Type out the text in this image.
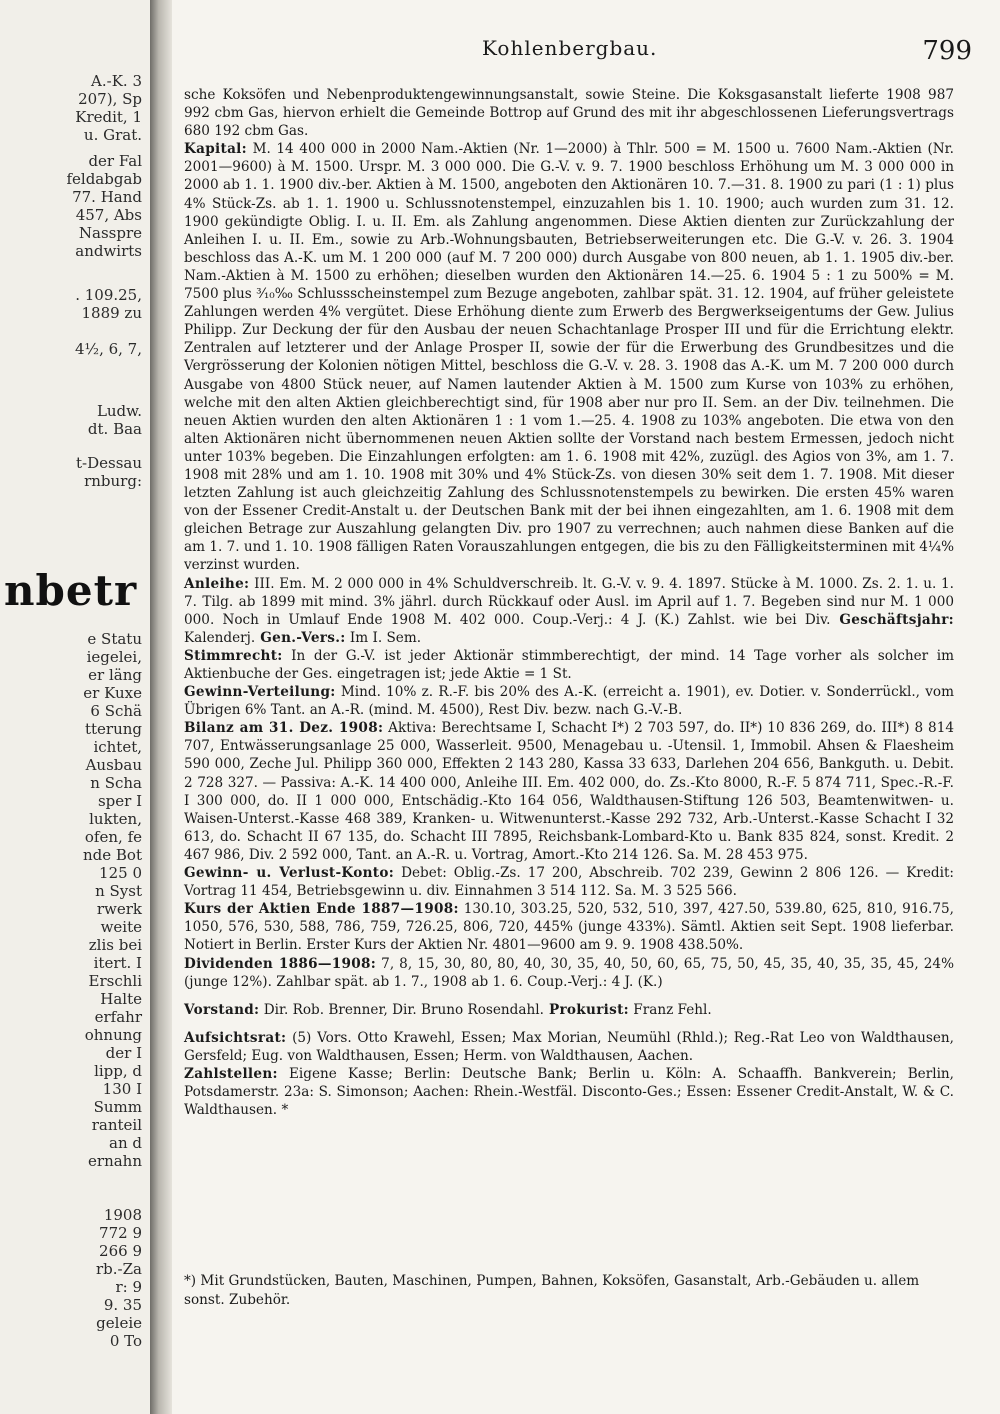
nbetr
A.-K. 3
207), Sp
Kredit, 1
u. Grat.
der Fal
feldabgab
77. Hand
457, Abs
Nasspre
andwirts
. 109.25,
1889 zu
4½, 6, 7,
Ludw.
dt. Baa
t-Dessau
rnburg:
e Statu
iegelei,
er läng
er Kuxe
6 Schä
tterung
ichtet,
Ausbau
n Scha
sper I
lukten,
ofen, fe
nde Bot
125 0
n Syst
rwerk
weite
zlis bei
itert. I
Erschli
Halte
erfahr
ohnung
der I
lipp, d
130 I
Summ
ranteil
an d
ernahn
1908
772 9
266 9
rb.-Za
r: 9
9. 35
geleie
0 To
Kohlenbergbau.	799

sche Koksöfen und Nebenproduktengewinnungsanstalt, sowie Steine. Die Koksgasanstalt lieferte 1908 987 992 cbm Gas, hiervon erhielt die Gemeinde Bottrop auf Grund des mit ihr abgeschlossenen Lieferungsvertrags 680 192 cbm Gas.

Kapital: M. 14 400 000 in 2000 Nam.-Aktien (Nr. 1—2000) à Thlr. 500 = M. 1500 u. 7600 Nam.-Aktien (Nr. 2001—9600) à M. 1500. Urspr. M. 3 000 000. Die G.-V. v. 9. 7. 1900 beschloss Erhöhung um M. 3 000 000 in 2000 ab 1. 1. 1900 div.-ber. Aktien à M. 1500, angeboten den Aktionären 10. 7.—31. 8. 1900 zu pari (1 : 1) plus 4% Stück-Zs. ab 1. 1. 1900 u. Schlussnotenstempel, einzuzahlen bis 1. 10. 1900; auch wurden zum 31. 12. 1900 gekündigte Oblig. I. u. II. Em. als Zahlung angenommen. Diese Aktien dienten zur Zurückzahlung der Anleihen I. u. II. Em., sowie zu Arb.-Wohnungsbauten, Betriebserweiterungen etc. Die G.-V. v. 26. 3. 1904 beschloss das A.-K. um M. 1 200 000 (auf M. 7 200 000) durch Ausgabe von 800 neuen, ab 1. 1. 1905 div.-ber. Nam.-Aktien à M. 1500 zu erhöhen; dieselben wurden den Aktionären 14.—25. 6. 1904 5 : 1 zu 500% = M. 7500 plus ³⁄₁₀‰ Schlussscheinstempel zum Bezuge angeboten, zahlbar spät. 31. 12. 1904, auf früher geleistete Zahlungen werden 4% vergütet. Diese Erhöhung diente zum Erwerb des Bergwerkseigentums der Gew. Julius Philipp. Zur Deckung der für den Ausbau der neuen Schachtanlage Prosper III und für die Errichtung elektr. Zentralen auf letzterer und der Anlage Prosper II, sowie der für die Erwerbung des Grundbesitzes und die Vergrösserung der Kolonien nötigen Mittel, beschloss die G.-V. v. 28. 3. 1908 das A.-K. um M. 7 200 000 durch Ausgabe von 4800 Stück neuer, auf Namen lautender Aktien à M. 1500 zum Kurse von 103% zu erhöhen, welche mit den alten Aktien gleichberechtigt sind, für 1908 aber nur pro II. Sem. an der Div. teilnehmen. Die neuen Aktien wurden den alten Aktionären 1 : 1 vom 1.—25. 4. 1908 zu 103% angeboten. Die etwa von den alten Aktionären nicht übernommenen neuen Aktien sollte der Vorstand nach bestem Ermessen, jedoch nicht unter 103% begeben. Die Einzahlungen erfolgten: am 1. 6. 1908 mit 42%, zuzügl. des Agios von 3%, am 1. 7. 1908 mit 28% und am 1. 10. 1908 mit 30% und 4% Stück-Zs. von diesen 30% seit dem 1. 7. 1908. Mit dieser letzten Zahlung ist auch gleichzeitig Zahlung des Schlussnotenstempels zu bewirken. Die ersten 45% waren von der Essener Credit-Anstalt u. der Deutschen Bank mit der bei ihnen eingezahlten, am 1. 6. 1908 mit dem gleichen Betrage zur Auszahlung gelangten Div. pro 1907 zu verrechnen; auch nahmen diese Banken auf die am 1. 7. und 1. 10. 1908 fälligen Raten Vorauszahlungen entgegen, die bis zu den Fälligkeitsterminen mit 4¼% verzinst wurden.

Anleihe: III. Em. M. 2 000 000 in 4% Schuldverschreib. lt. G.-V. v. 9. 4. 1897. Stücke à M. 1000. Zs. 2. 1. u. 1. 7. Tilg. ab 1899 mit mind. 3% jährl. durch Rückkauf oder Ausl. im April auf 1. 7. Begeben sind nur M. 1 000 000. Noch in Umlauf Ende 1908 M. 402 000. Coup.-Verj.: 4 J. (K.) Zahlst. wie bei Div. Geschäftsjahr: Kalenderj. Gen.-Vers.: Im I. Sem.

Stimmrecht: In der G.-V. ist jeder Aktionär stimmberechtigt, der mind. 14 Tage vorher als solcher im Aktienbuche der Ges. eingetragen ist; jede Aktie = 1 St.

Gewinn-Verteilung: Mind. 10% z. R.-F. bis 20% des A.-K. (erreicht a. 1901), ev. Dotier. v. Sonderrückl., vom Übrigen 6% Tant. an A.-R. (mind. M. 4500), Rest Div. bezw. nach G.-V.-B.

Bilanz am 31. Dez. 1908: Aktiva: Berechtsame I, Schacht I*) 2 703 597, do. II*) 10 836 269, do. III*) 8 814 707, Entwässerungsanlage 25 000, Wasserleit. 9500, Menagebau u. -Utensil. 1, Immobil. Ahsen & Flaesheim 590 000, Zeche Jul. Philipp 360 000, Effekten 2 143 280, Kassa 33 633, Darlehen 204 656, Bankguth. u. Debit. 2 728 327. — Passiva: A.-K. 14 400 000, Anleihe III. Em. 402 000, do. Zs.-Kto 8000, R.-F. 5 874 711, Spec.-R.-F. I 300 000, do. II 1 000 000, Entschädig.-Kto 164 056, Waldthausen-Stiftung 126 503, Beamtenwitwen- u. Waisen-Unterst.-Kasse 468 389, Kranken- u. Witwenunterst.-Kasse 292 732, Arb.-Unterst.-Kasse Schacht I 32 613, do. Schacht II 67 135, do. Schacht III 7895, Reichsbank-Lombard-Kto u. Bank 835 824, sonst. Kredit. 2 467 986, Div. 2 592 000, Tant. an A.-R. u. Vortrag, Amort.-Kto 214 126. Sa. M. 28 453 975.

Gewinn- u. Verlust-Konto: Debet: Oblig.-Zs. 17 200, Abschreib. 702 239, Gewinn 2 806 126. — Kredit: Vortrag 11 454, Betriebsgewinn u. div. Einnahmen 3 514 112. Sa. M. 3 525 566.

Kurs der Aktien Ende 1887—1908: 130.10, 303.25, 520, 532, 510, 397, 427.50, 539.80, 625, 810, 916.75, 1050, 576, 530, 588, 786, 759, 726.25, 806, 720, 445% (junge 433%). Sämtl. Aktien seit Sept. 1908 lieferbar. Notiert in Berlin. Erster Kurs der Aktien Nr. 4801—9600 am 9. 9. 1908 438.50%.

Dividenden 1886—1908: 7, 8, 15, 30, 80, 80, 40, 30, 35, 40, 50, 60, 65, 75, 50, 45, 35, 40, 35, 35, 45, 24% (junge 12%). Zahlbar spät. ab 1. 7., 1908 ab 1. 6. Coup.-Verj.: 4 J. (K.)

Vorstand: Dir. Rob. Brenner, Dir. Bruno Rosendahl. Prokurist: Franz Fehl.

Aufsichtsrat: (5) Vors. Otto Krawehl, Essen; Max Morian, Neumühl (Rhld.); Reg.-Rat Leo von Waldthausen, Gersfeld; Eug. von Waldthausen, Essen; Herm. von Waldthausen, Aachen.

Zahlstellen: Eigene Kasse; Berlin: Deutsche Bank; Berlin u. Köln: A. Schaaffh. Bankverein; Berlin, Potsdamerstr. 23a: S. Simonson; Aachen: Rhein.-Westfäl. Disconto-Ges.; Essen: Essener Credit-Anstalt, W. & C. Waldthausen. *

*) Mit Grundstücken, Bauten, Maschinen, Pumpen, Bahnen, Koksöfen, Gasanstalt, Arb.-Gebäuden u. allem sonst. Zubehör.
